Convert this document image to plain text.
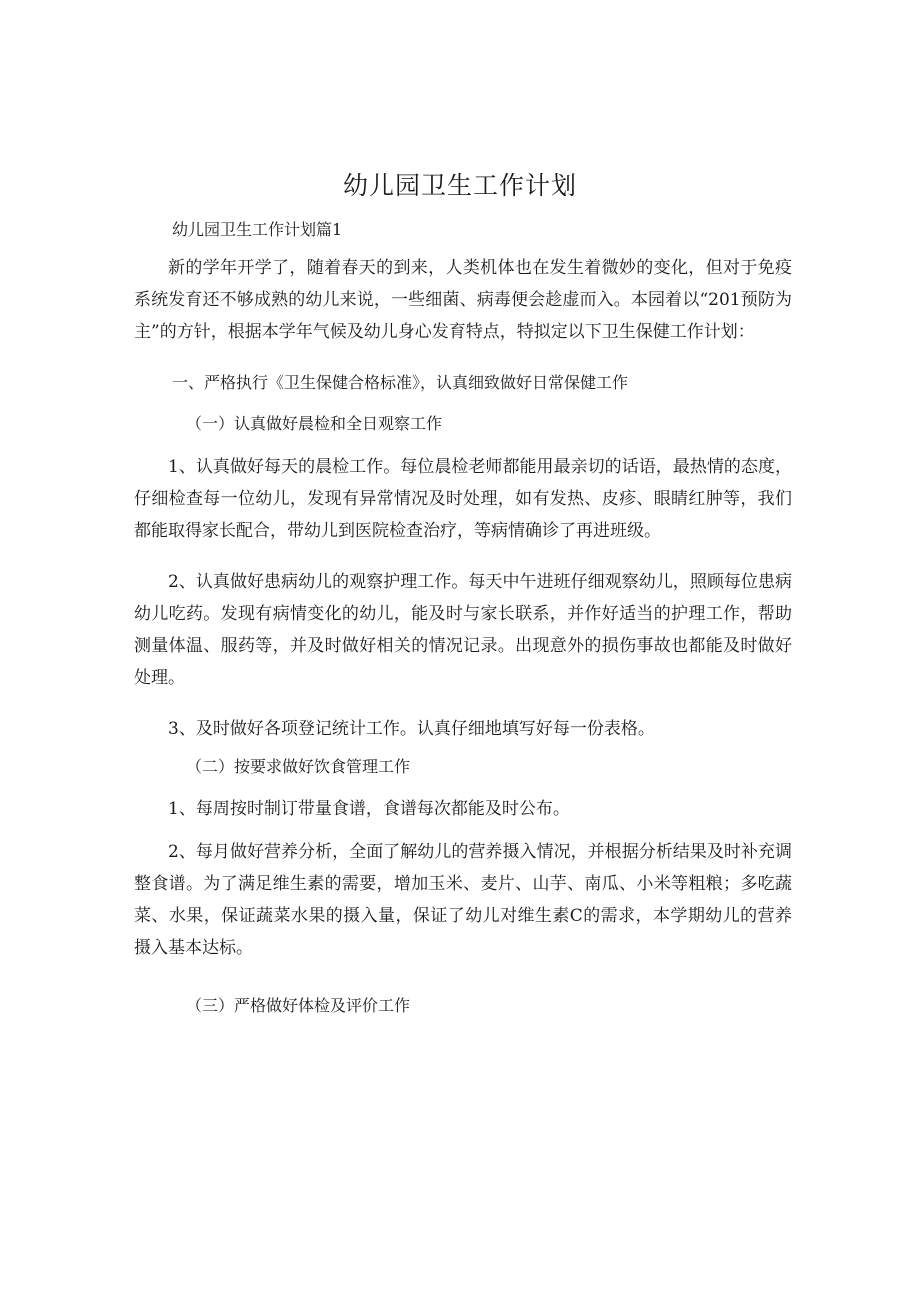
幼儿园卫生工作计划

幼儿园卫生工作计划篇1

新的学年开学了，随着春天的到来，人类机体也在发生着微妙的变化，但对于免疫系统发育还不够成熟的幼儿来说，一些细菌、病毒便会趁虚而入。本园着以“201预防为主”的方针，根据本学年气候及幼儿身心发育特点，特拟定以下卫生保健工作计划：

一、严格执行《卫生保健合格标准》，认真细致做好日常保健工作

（一）认真做好晨检和全日观察工作

1、认真做好每天的晨检工作。每位晨检老师都能用最亲切的话语，最热情的态度，仔细检查每一位幼儿，发现有异常情况及时处理，如有发热、皮疹、眼睛红肿等，我们都能取得家长配合，带幼儿到医院检查治疗，等病情确诊了再进班级。

2、认真做好患病幼儿的观察护理工作。每天中午进班仔细观察幼儿，照顾每位患病幼儿吃药。发现有病情变化的幼儿，能及时与家长联系，并作好适当的护理工作，帮助测量体温、服药等，并及时做好相关的情况记录。出现意外的损伤事故也都能及时做好处理。

3、及时做好各项登记统计工作。认真仔细地填写好每一份表格。

（二）按要求做好饮食管理工作

1、每周按时制订带量食谱，食谱每次都能及时公布。

2、每月做好营养分析，全面了解幼儿的营养摄入情况，并根据分析结果及时补充调整食谱。为了满足维生素的需要，增加玉米、麦片、山芋、南瓜、小米等粗粮；多吃蔬菜、水果，保证蔬菜水果的摄入量，保证了幼儿对维生素C的需求，本学期幼儿的营养摄入基本达标。

（三）严格做好体检及评价工作
